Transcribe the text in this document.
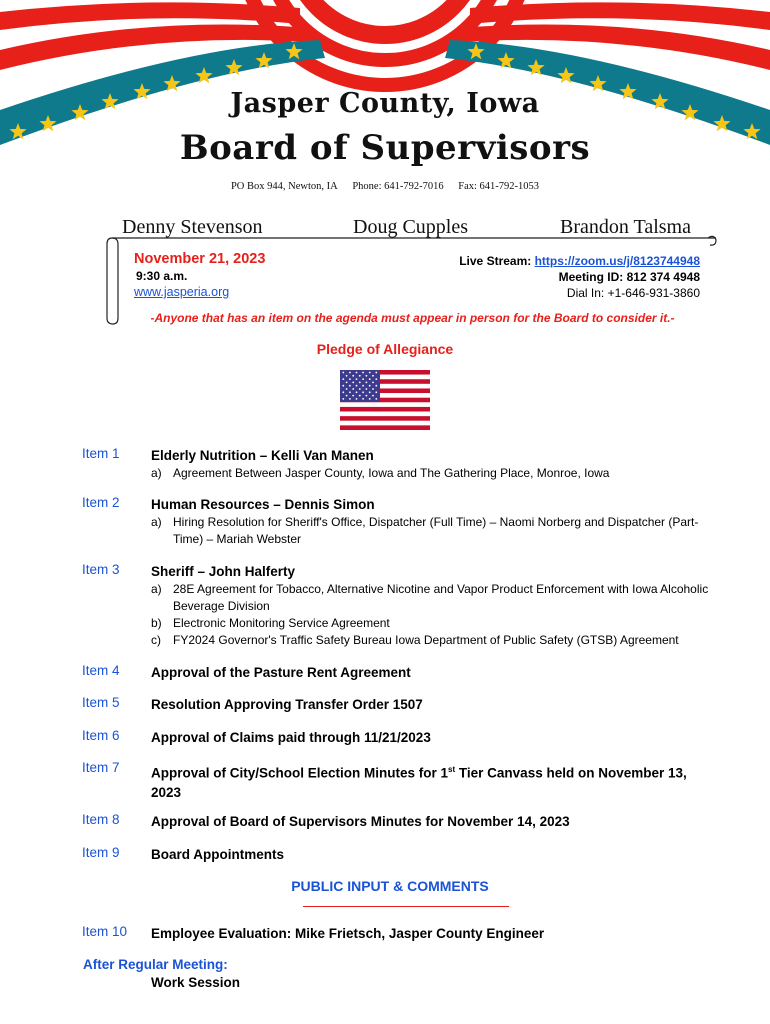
Jasper County, Iowa
Board of Supervisors
PO Box 944, Newton, IA Phone: 641-792-7016 Fax: 641-792-1053
Denny Stevenson	Doug Cupples	Brandon Talsma
November 21, 2023
9:30 a.m.
www.jasperia.org
Live Stream: https://zoom.us/j/8123744948
Meeting ID: 812 374 4948
Dial In: +1-646-931-3860
-Anyone that has an item on the agenda must appear in person for the Board to consider it.-
Pledge of Allegiance
Item 1 Elderly Nutrition – Kelli Van Manen
a) Agreement Between Jasper County, Iowa and The Gathering Place, Monroe, Iowa
Item 2 Human Resources – Dennis Simon
a) Hiring Resolution for Sheriff's Office, Dispatcher (Full Time) – Naomi Norberg and Dispatcher (Part-Time) – Mariah Webster
Item 3 Sheriff – John Halferty
a) 28E Agreement for Tobacco, Alternative Nicotine and Vapor Product Enforcement with Iowa Alcoholic Beverage Division
b) Electronic Monitoring Service Agreement
c)	FY2024 Governor's Traffic Safety Bureau Iowa Department of Public Safety (GTSB) Agreement
Item 4 Approval of the Pasture Rent Agreement
Item 5 Resolution Approving Transfer Order 1507
Item 6 Approval of Claims paid through 11/21/2023
Item 7 Approval of City/School Election Minutes for 1st Tier Canvass held on November 13, 2023
Item 8 Approval of Board of Supervisors Minutes for November 14, 2023
Item 9 Board Appointments
PUBLIC INPUT & COMMENTS
Item 10 Employee Evaluation: Mike Frietsch, Jasper County Engineer
After Regular Meeting:
Work Session
